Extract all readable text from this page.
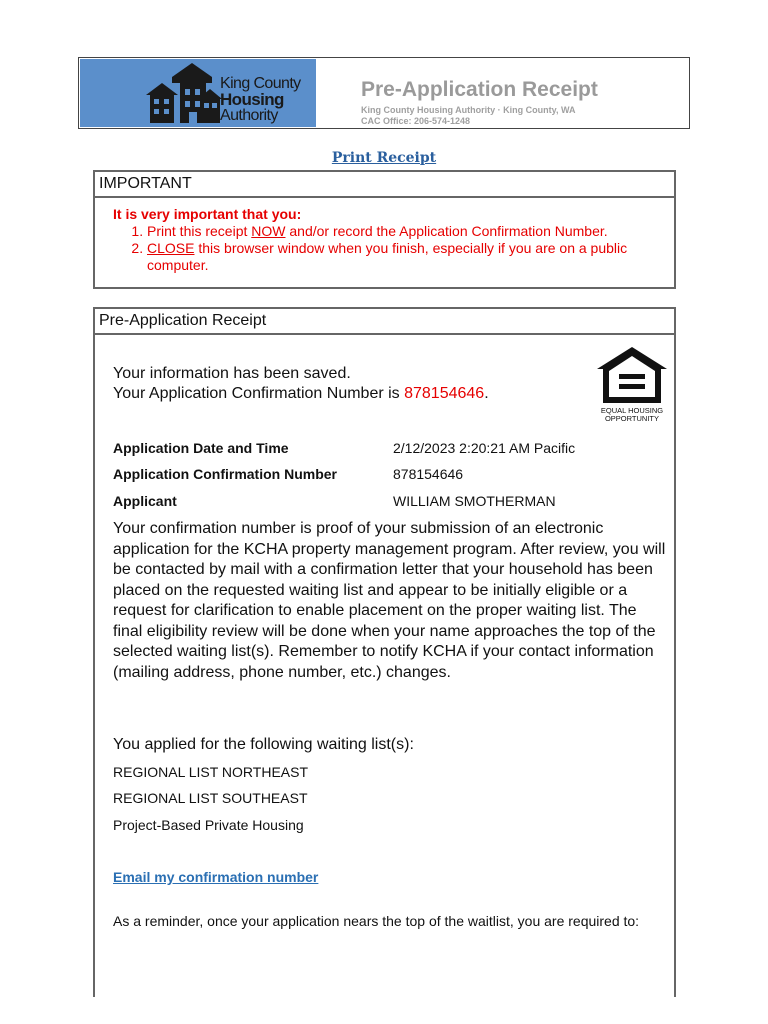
King County
Housing
Authority
Pre-Application Receipt
King County Housing Authority · King County, WA
CAC Office: 206-574-1248
Print Receipt
IMPORTANT
It is very important that you:
1. Print this receipt NOW and/or record the Application Confirmation Number.
2. CLOSE this browser window when you finish, especially if you are on a public computer.
Pre-Application Receipt
EQUAL HOUSING
OPPORTUNITY
Your information has been saved.
Your Application Confirmation Number is 878154646.
Application Date and Time	2/12/2023 2:20:21 AM Pacific
Application Confirmation Number	878154646
Applicant	WILLIAM SMOTHERMAN
Your confirmation number is proof of your submission of an electronic application for the KCHA property management program. After review, you will be contacted by mail with a confirmation letter that your household has been placed on the requested waiting list and appear to be initially eligible or a request for clarification to enable placement on the proper waiting list. The final eligibility review will be done when your name approaches the top of the selected waiting list(s). Remember to notify KCHA if your contact information (mailing address, phone number, etc.) changes.
You applied for the following waiting list(s):
REGIONAL LIST NORTHEAST
REGIONAL LIST SOUTHEAST
Project-Based Private Housing
Email my confirmation number
As a reminder, once your application nears the top of the waitlist, you are required to:
